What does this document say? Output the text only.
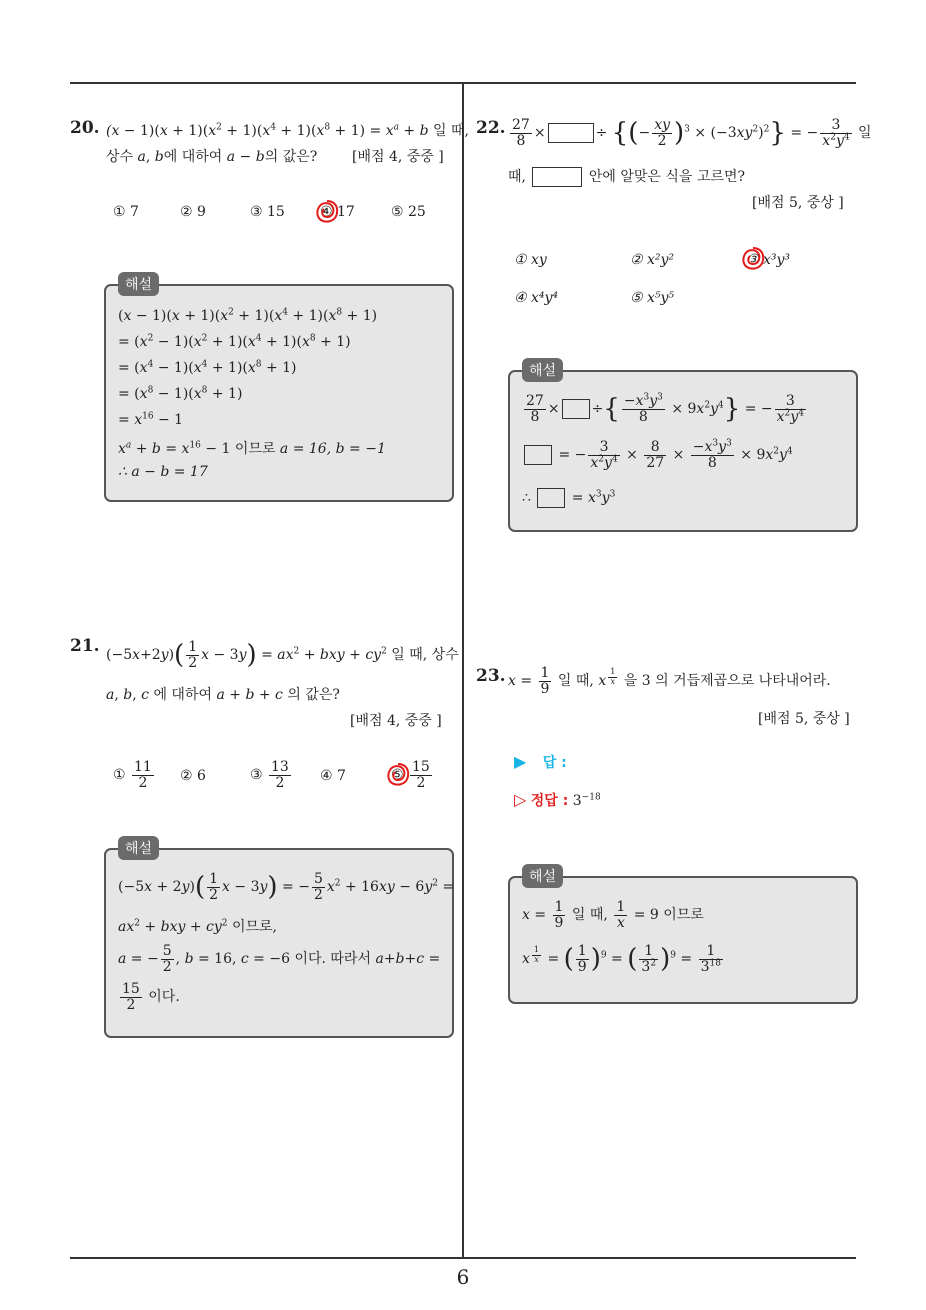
20. $(x - 1)(x + 1)(x^2 + 1)(x^4 + 1)(x^8 + 1) = x^a + b$ 일 때,
상수 a, b에 대하여 a − b의 값은? [배점 4, 중중 ]
① 7	② 9	③ 15	④ 17	⑤ 25
해설
$(x - 1)(x + 1)(x^2 + 1)(x^4 + 1)(x^8 + 1)$
= $(x^2 - 1)(x^2 + 1)(x^4 + 1)(x^8 + 1)$
= $(x^4 - 1)(x^4 + 1)(x^8 + 1)$
= $(x^8 - 1)(x^8 + 1)$
= $x^{16} - 1$
$x^a + b = x^{16} - 1$ 이므로 a = 16, b = −1
∴ a − b = 17
21. $(-5x+2y)( \frac{1}{2}$ $x - 3y) = ax^2$ + bxy + $cy^2$ 일 때, 상수
a, b, c 에 대하여 a + b + c 의 값은?
[배점 4, 중중 ]
① $\frac{11}{2}$ ② 6	③ $\frac{13}{2}$ ④ 7	⑤ $\frac{15}{2}$
해설
$(-5x + 2y)( \frac{1}{2}$ x − 3y) = − $\frac{5}{2} x^2 + 16xy - 6y^2$ =
$ax^2$ + bxy + $cy^2$ 이므로,
a = − $\frac{5}{2}$ , b = 16, c = −6 이다. 따라서 a+b+c =
$\frac{15}{2}$ 이다.
22. $\frac{27}{8}$ ×	÷ {(− $\frac{xy}{2} )^3 \times (-3xy^2)^2$} = − $\frac{3}{x^2y^4}$ 일
때,	안에 알맞은 식을 고르면?
[배점 5, 중상 ]
① xy	② x²y²	③ x³y³
④ x⁴y⁴	⑤ x⁵y⁵
해설
$\frac{27}{8}$ × ÷{ $\frac{-x^3y^3}{8} \times 9x^2y^4$} = − $\frac{3}{x^2y^4}$
= − $\frac{3}{x^2y^4} \times \frac{8}{27} \times \frac{-x^3y^3}{8} \times 9x^2y^4$
∴  = $x^3y^3$
23. $x = \frac{1}{9}$ 일 때, x $^{\frac{1}{x}}$ 을 3 의 거듭제곱으로 나타내어라.
[배점 5, 중상 ]
▶ 답 :
▷ 정답 : $3^{-18}$
해설
$x = \frac{1}{9}$ 일 때, $\frac{1}{x} = 9$ 이므로
x $^{\frac{1}{x}}$ = ( $\frac{1}{9} )^9$ = ( $\frac{1}{3^2} )^9 = \frac{1}{3^{18}}$
6
